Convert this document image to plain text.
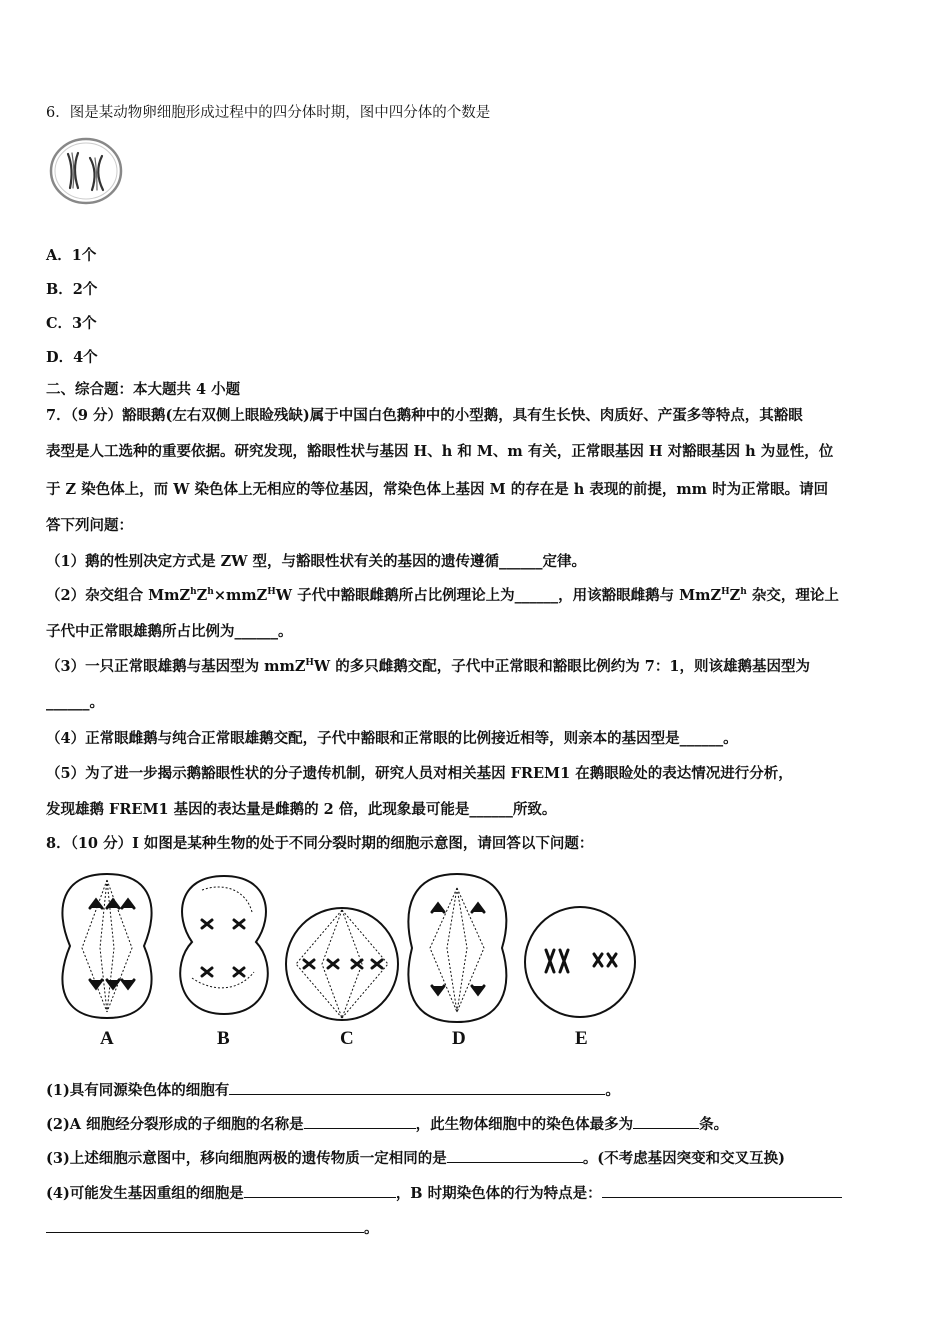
6．图是某动物卵细胞形成过程中的四分体时期，图中四分体的个数是
A．1个
B．2个
C．3个
D．4个
二、综合题：本大题共 4 小题
7．（9 分）豁眼鹅(左右双侧上眼睑残缺)属于中国白色鹅种中的小型鹅，具有生长快、肉质好、产蛋多等特点，其豁眼
表型是人工选种的重要依据。研究发现，豁眼性状与基因 H、h 和 M、m 有关，正常眼基因 H 对豁眼基因 h 为显性，位
于 Z 染色体上，而 W 染色体上无相应的等位基因，常染色体上基因 M 的存在是 h 表现的前提，mm 时为正常眼。请回
答下列问题：
（1）鹅的性别决定方式是 ZW 型，与豁眼性状有关的基因的遗传遵循______定律。
（2）杂交组合 $MmZ^hZ^h\times mmZ^HW$ 子代中豁眼雌鹅所占比例理论上为______，用该豁眼雌鹅与 $MmZ^HZ^h$ 杂交，理论上
子代中正常眼雄鹅所占比例为______。
（3）一只正常眼雄鹅与基因型为 mmZ$^H$W 的多只雌鹅交配，子代中正常眼和豁眼比例约为 7：1，则该雄鹅基因型为
______。
（4）正常眼雌鹅与纯合正常眼雄鹅交配，子代中豁眼和正常眼的比例接近相等，则亲本的基因型是______。
（5）为了进一步揭示鹅豁眼性状的分子遗传机制，研究人员对相关基因 FREM1 在鹅眼睑处的表达情况进行分析，
发现雄鹅 FREM1 基因的表达量是雌鹅的 2 倍，此现象最可能是______所致。
8．（10 分）I 如图是某种生物的处于不同分裂时期的细胞示意图，请回答以下问题：
A	B	C	D	E
(1)具有同源染色体的细胞有	。
(2)A 细胞经分裂形成的子细胞的名称是	，此生物体细胞中的染色体最多为	条。
(3)上述细胞示意图中，移向细胞两极的遗传物质一定相同的是	。(不考虑基因突变和交叉互换)
(4)可能发生基因重组的细胞是	，B 时期染色体的行为特点是：
。
